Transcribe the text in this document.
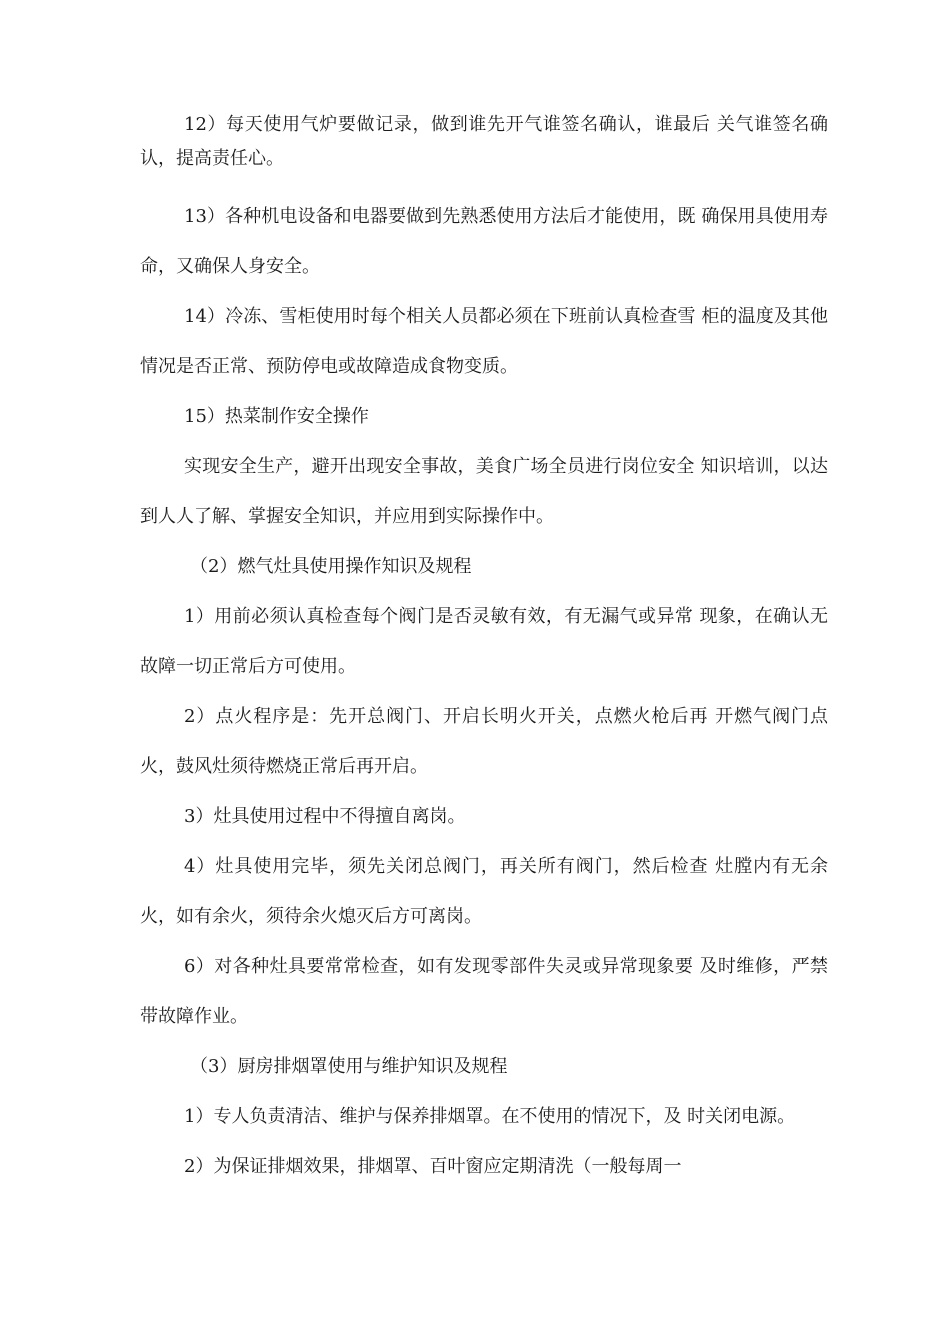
12）每天使用气炉要做记录，做到谁先开气谁签名确认，谁最后 关气谁签名确认，提高责任心。

13）各种机电设备和电器要做到先熟悉使用方法后才能使用，既 确保用具使用寿命，又确保人身安全。

14）冷冻、雪柜使用时每个相关人员都必须在下班前认真检查雪 柜的温度及其他情况是否正常、预防停电或故障造成食物变质。

15）热菜制作安全操作

实现安全生产，避开出现安全事故，美食广场全员进行岗位安全 知识培训，以达到人人了解、掌握安全知识，并应用到实际操作中。

（2）燃气灶具使用操作知识及规程

1）用前必须认真检查每个阀门是否灵敏有效，有无漏气或异常 现象，在确认无故障一切正常后方可使用。

2）点火程序是：先开总阀门、开启长明火开关，点燃火枪后再 开燃气阀门点火，鼓风灶须待燃烧正常后再开启。

3）灶具使用过程中不得擅自离岗。

4）灶具使用完毕，须先关闭总阀门，再关所有阀门，然后检查 灶膛内有无余火，如有余火，须待余火熄灭后方可离岗。

6）对各种灶具要常常检查，如有发现零部件失灵或异常现象要 及时维修，严禁带故障作业。

（3）厨房排烟罩使用与维护知识及规程

1）专人负责清洁、维护与保养排烟罩。在不使用的情况下，及 时关闭电源。

2）为保证排烟效果，排烟罩、百叶窗应定期清洗（一般每周一
